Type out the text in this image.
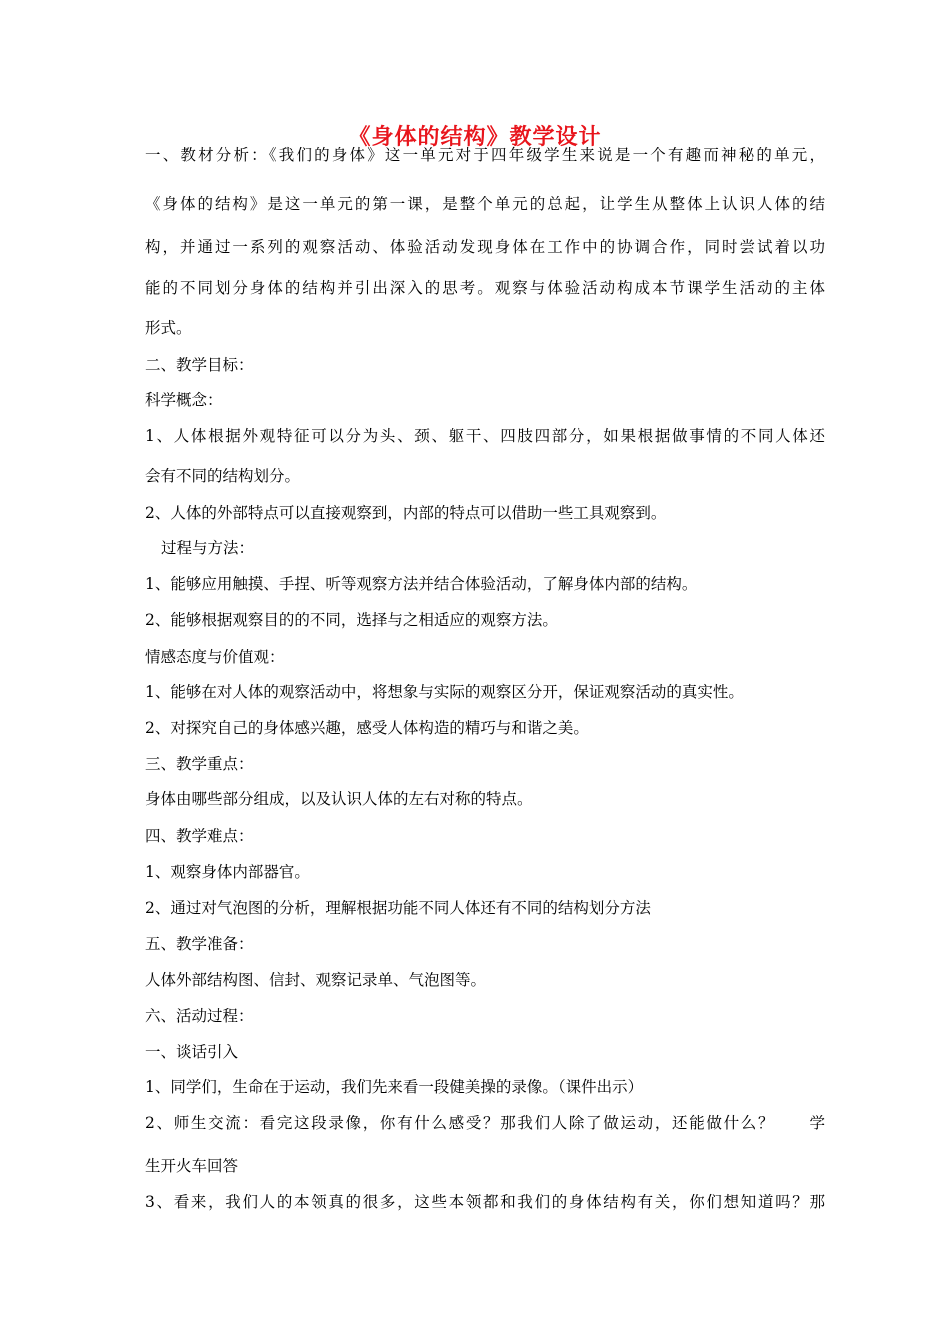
《身体的结构》教学设计
一、教材分析：《我们的身体》这一单元对于四年级学生来说是一个有趣而神秘的单元，
《身体的结构》是这一单元的第一课，是整个单元的总起，让学生从整体上认识人体的结
构，并通过一系列的观察活动、体验活动发现身体在工作中的协调合作，同时尝试着以功
能的不同划分身体的结构并引出深入的思考。观察与体验活动构成本节课学生活动的主体
形式。
二、教学目标：
科学概念：
1、人体根据外观特征可以分为头、颈、躯干、四肢四部分，如果根据做事情的不同人体还
会有不同的结构划分。
2、人体的外部特点可以直接观察到，内部的特点可以借助一些工具观察到。
过程与方法：
1、能够应用触摸、手捏、听等观察方法并结合体验活动，了解身体内部的结构。
2、能够根据观察目的的不同，选择与之相适应的观察方法。
情感态度与价值观：
1、能够在对人体的观察活动中，将想象与实际的观察区分开，保证观察活动的真实性。
2、对探究自己的身体感兴趣，感受人体构造的精巧与和谐之美。
三、教学重点：
身体由哪些部分组成，以及认识人体的左右对称的特点。
四、教学难点：
1、观察身体内部器官。
2、通过对气泡图的分析，理解根据功能不同人体还有不同的结构划分方法
五、教学准备：
人体外部结构图、信封、观察记录单、气泡图等。
六、活动过程：
一、谈话引入
1、同学们，生命在于运动，我们先来看一段健美操的录像。（课件出示）
2、师生交流：看完这段录像，你有什么感受？那我们人除了做运动，还能做什么？　　学
生开火车回答
3、看来，我们人的本领真的很多，这些本领都和我们的身体结构有关，你们想知道吗？那
